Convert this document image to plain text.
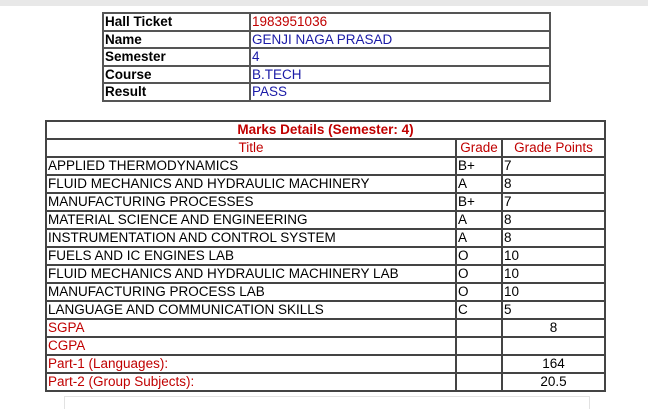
Hall Ticket	1983951036
Name	GENJI NAGA PRASAD
Semester	4
Course	B.TECH
Result	PASS
Marks Details (Semester: 4)		
Title	Grade	Grade Points
APPLIED THERMODYNAMICS	B+	7
FLUID MECHANICS AND HYDRAULIC MACHINERY	A	8
MANUFACTURING PROCESSES	B+	7
MATERIAL SCIENCE AND ENGINEERING	A	8
INSTRUMENTATION AND CONTROL SYSTEM	A	8
FUELS AND IC ENGINES LAB	O	10
FLUID MECHANICS AND HYDRAULIC MACHINERY LAB	O	10
MANUFACTURING PROCESS LAB	O	10
LANGUAGE AND COMMUNICATION SKILLS	C	5
SGPA		8
CGPA		
Part-1 (Languages):		164
Part-2 (Group Subjects):		20.5
